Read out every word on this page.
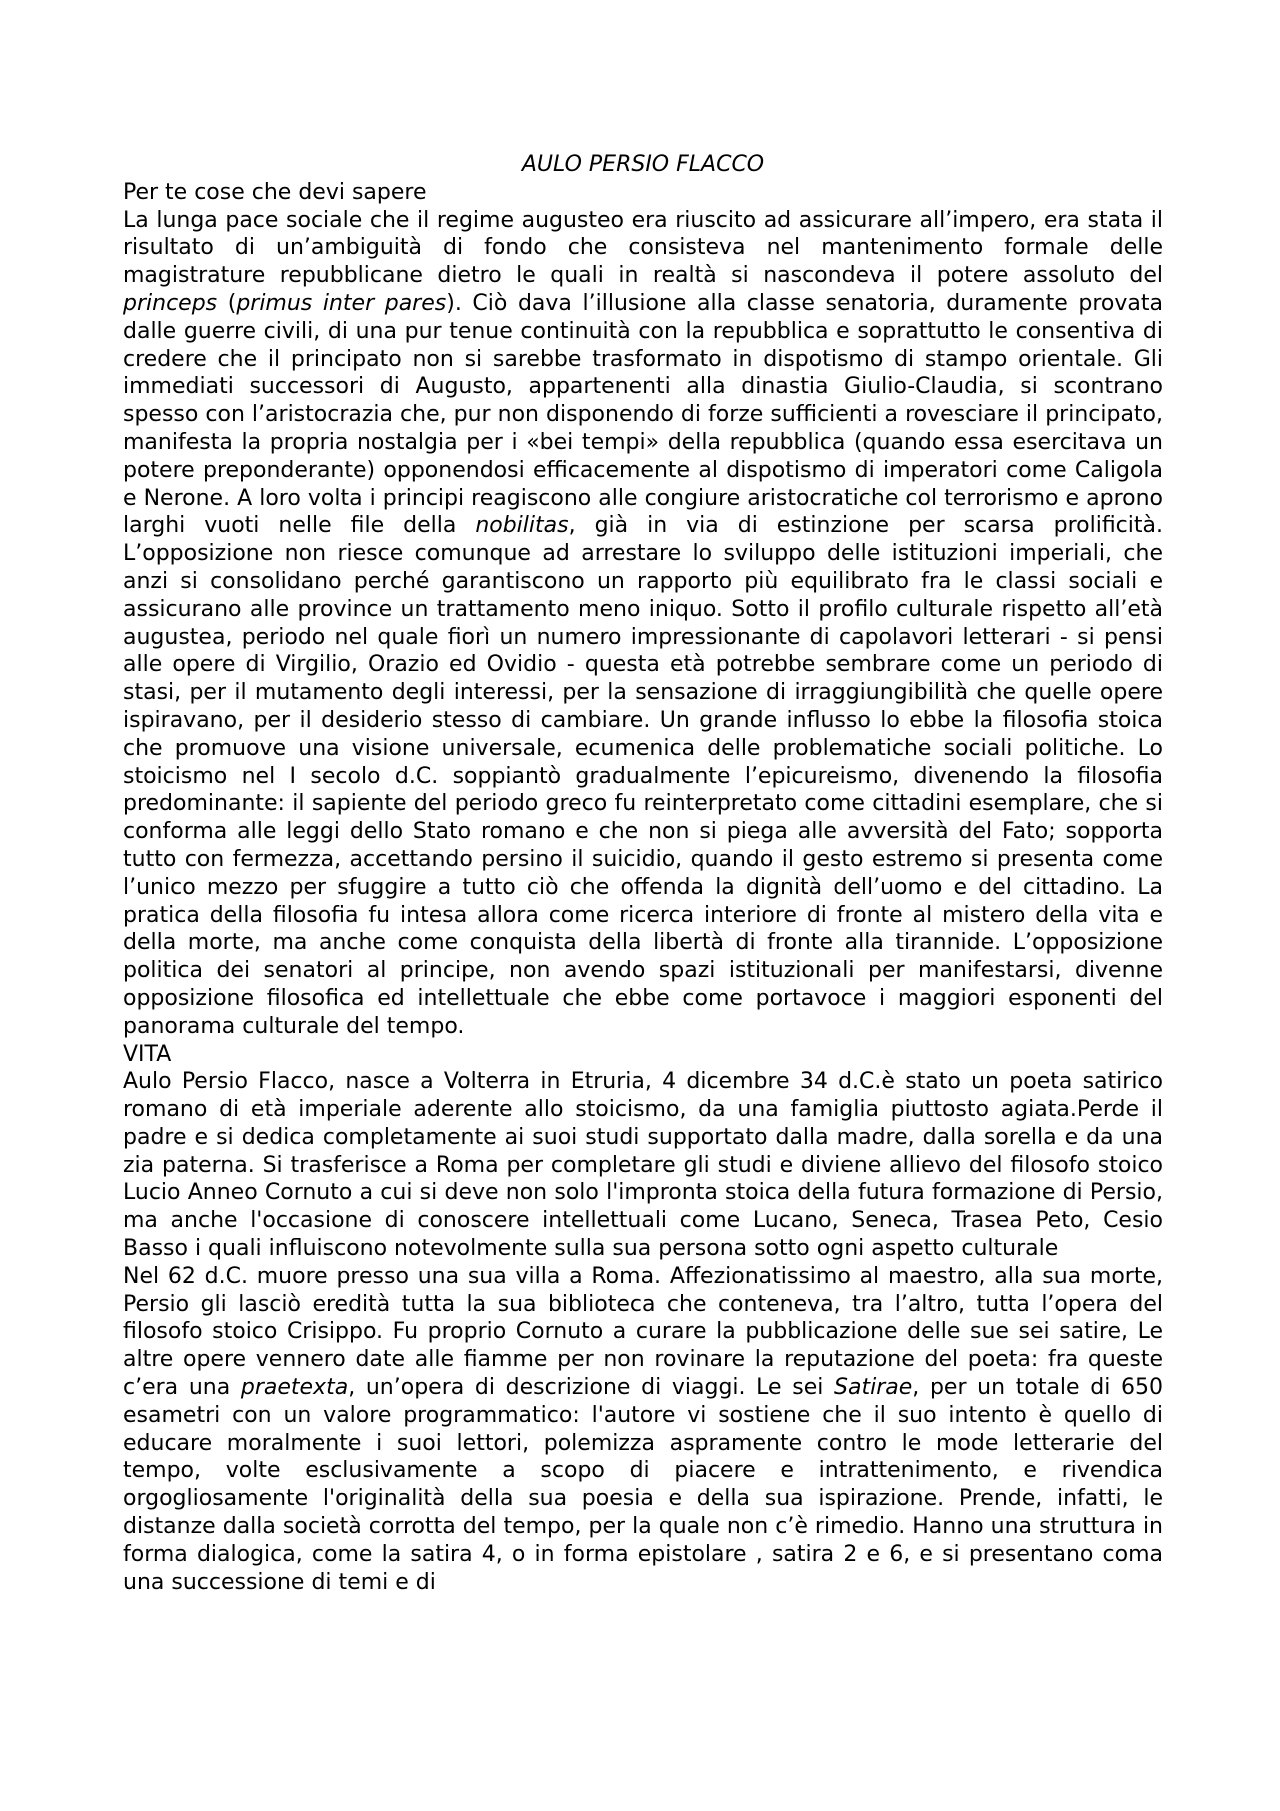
AULO PERSIO FLACCO

Per te cose che devi sapere

La lunga pace sociale che il regime augusteo era riuscito ad assicurare all’impero, era stata il risultato di un’ambiguità di fondo che consisteva nel mantenimento formale delle magistrature repubblicane dietro le quali in realtà si nascondeva il potere assoluto del princeps (primus inter pares). Ciò dava l’illusione alla classe senatoria, duramente provata dalle guerre civili, di una pur tenue continuità con la repubblica e soprattutto le consentiva di credere che il principato non si sarebbe trasformato in dispotismo di stampo orientale. Gli immediati successori di Augusto, appartenenti alla dinastia Giulio-Claudia, si scontrano spesso con l’aristocrazia che, pur non disponendo di forze sufficienti a rovesciare il principato, manifesta la propria nostalgia per i «bei tempi» della repubblica (quando essa esercitava un potere preponderante) opponendosi efficacemente al dispotismo di imperatori come Caligola e Nerone. A loro volta i principi reagiscono alle congiure aristocratiche col terrorismo e aprono larghi vuoti nelle file della nobilitas, già in via di estinzione per scarsa prolificità. L’opposizione non riesce comunque ad arrestare lo sviluppo delle istituzioni imperiali, che anzi si consolidano perché garantiscono un rapporto più equilibrato fra le classi sociali e assicurano alle province un trattamento meno iniquo. Sotto il profilo culturale rispetto all’età augustea, periodo nel quale fiorì un numero impressionante di capolavori letterari - si pensi alle opere di Virgilio, Orazio ed Ovidio - questa età potrebbe sembrare come un periodo di stasi, per il mutamento degli interessi, per la sensazione di irraggiungibilità che quelle opere ispiravano, per il desiderio stesso di cambiare. Un grande influsso lo ebbe la filosofia stoica che promuove una visione universale, ecumenica delle problematiche sociali politiche. Lo stoicismo nel I secolo d.C. soppiantò gradualmente l’epicureismo, divenendo la filosofia predominante: il sapiente del periodo greco fu reinterpretato come cittadini esemplare, che si conforma alle leggi dello Stato romano e che non si piega alle avversità del Fato; sopporta tutto con fermezza, accettando persino il suicidio, quando il gesto estremo si presenta come l’unico mezzo per sfuggire a tutto ciò che offenda la dignità dell’uomo e del cittadino. La pratica della filosofia fu intesa allora come ricerca interiore di fronte al mistero della vita e della morte, ma anche come conquista della libertà di fronte alla tirannide. L’opposizione politica dei senatori al principe, non avendo spazi istituzionali per manifestarsi, divenne opposizione filosofica ed intellettuale che ebbe come portavoce i maggiori esponenti del panorama culturale del tempo.

VITA

Aulo Persio Flacco, nasce a Volterra in Etruria, 4 dicembre 34 d.C.è stato un poeta satirico romano di età imperiale aderente allo stoicismo, da una famiglia piuttosto agiata.Perde il padre e si dedica completamente ai suoi studi supportato dalla madre, dalla sorella e da una zia paterna. Si trasferisce a Roma per completare gli studi e diviene allievo del filosofo stoico Lucio Anneo Cornuto a cui si deve non solo l'impronta stoica della futura formazione di Persio, ma anche l'occasione di conoscere intellettuali come Lucano, Seneca, Trasea Peto, Cesio Basso i quali influiscono notevolmente sulla sua persona sotto ogni aspetto culturale

Nel 62 d.C. muore presso una sua villa a Roma. Affezionatissimo al maestro, alla sua morte, Persio gli lasciò eredità tutta la sua biblioteca che conteneva, tra l’altro, tutta l’opera del filosofo stoico Crisippo. Fu proprio Cornuto a curare la pubblicazione delle sue sei satire, Le altre opere vennero date alle fiamme per non rovinare la reputazione del poeta: fra queste c’era una praetexta, un’opera di descrizione di viaggi. Le sei Satirae, per un totale di 650 esametri con un valore programmatico: l'autore vi sostiene che il suo intento è quello di educare moralmente i suoi lettori, polemizza aspramente contro le mode letterarie del tempo, volte esclusivamente a scopo di piacere e intrattenimento, e rivendica orgogliosamente l'originalità della sua poesia e della sua ispirazione. Prende, infatti, le distanze dalla società corrotta del tempo, per la quale non c’è rimedio. Hanno una struttura in forma dialogica, come la satira 4, o in forma epistolare , satira 2 e 6, e si presentano coma una successione di temi e di
